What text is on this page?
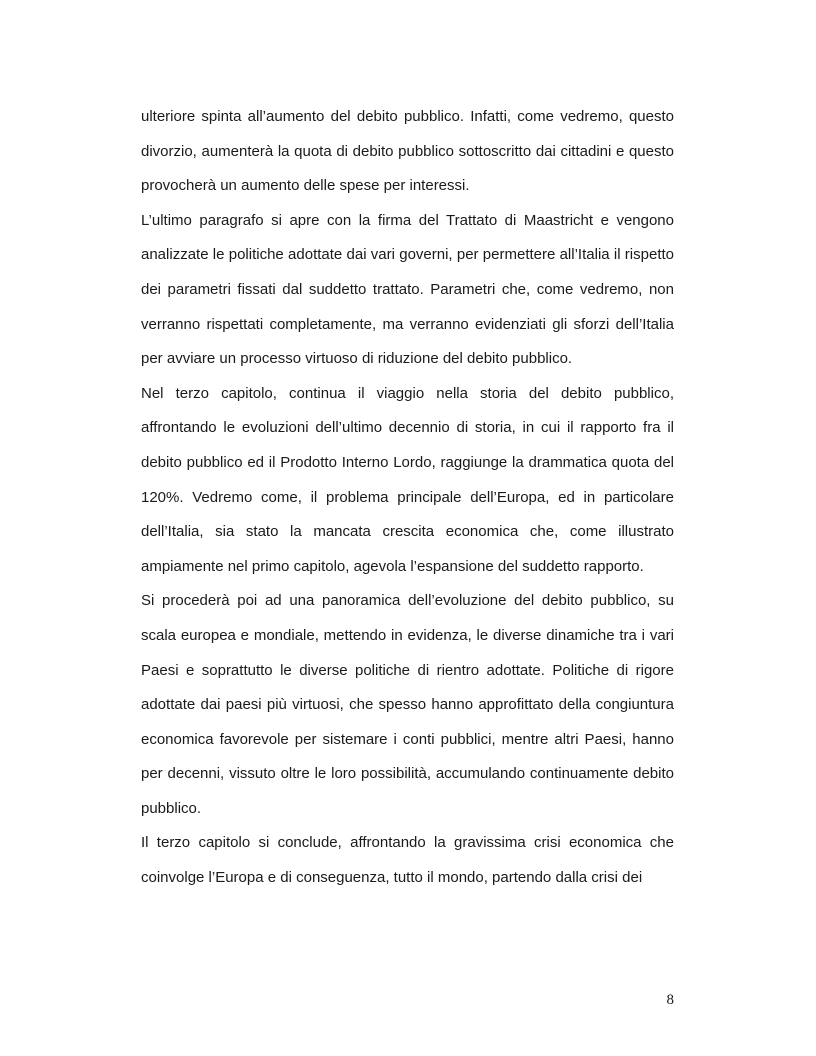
ulteriore spinta all’aumento del debito pubblico. Infatti, come vedremo, questo divorzio, aumenterà la quota di debito pubblico sottoscritto dai cittadini e questo provocherà un aumento delle spese per interessi.

L’ultimo paragrafo si apre con la firma del Trattato di Maastricht e vengono analizzate le politiche adottate dai vari governi, per permettere all’Italia il rispetto dei parametri fissati dal suddetto trattato. Parametri che, come vedremo, non verranno rispettati completamente, ma verranno evidenziati gli sforzi dell’Italia per avviare un processo virtuoso di riduzione del debito pubblico.

Nel terzo capitolo, continua il viaggio nella storia del debito pubblico, affrontando le evoluzioni dell’ultimo decennio di storia, in cui il rapporto fra il debito pubblico ed il Prodotto Interno Lordo, raggiunge la drammatica quota del 120%. Vedremo come, il problema principale dell’Europa, ed in particolare dell’Italia, sia stato la mancata crescita economica che, come illustrato ampiamente nel primo capitolo, agevola l’espansione del suddetto rapporto.

Si procederà poi ad una panoramica dell’evoluzione del debito pubblico, su scala europea e mondiale, mettendo in evidenza, le diverse dinamiche tra i vari Paesi e soprattutto le diverse politiche di rientro adottate. Politiche di rigore adottate dai paesi più virtuosi, che spesso hanno approfittato della congiuntura economica favorevole per sistemare i conti pubblici, mentre altri Paesi, hanno per decenni, vissuto oltre le loro possibilità, accumulando continuamente debito pubblico.

Il terzo capitolo si conclude, affrontando la gravissima crisi economica che coinvolge l’Europa e di conseguenza, tutto il mondo, partendo dalla crisi dei

8
